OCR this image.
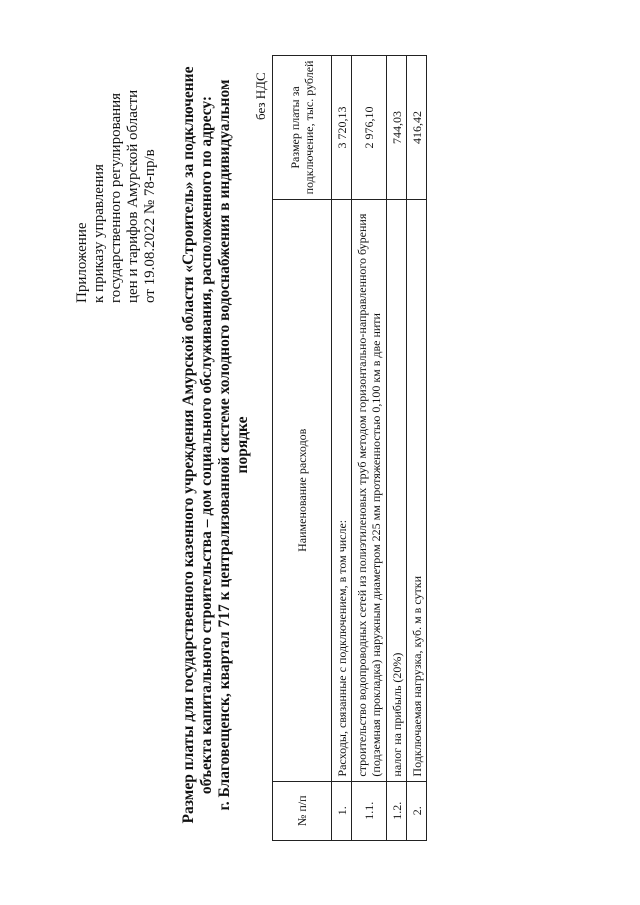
Приложение к приказу управления государственного регулирования цен и тарифов Амурской области от 19.08.2022 № 78-пр/в Размер платы для государственного казенного учреждения Амурской области «Строитель» за подключение объекта капитального строительства – дом социального обслуживания, расположенного по адресу: г. Благовещенск, квартал 717 к централизованной системе холодного водоснабжения в индивидуальном порядке
без НДС
№ п/п	Наименование расходов	Размер платы за подключение, тыс. рублей
1.	Расходы, связанные с подключением, в том числе:	3 720,13
1.1.	строительство водопроводных сетей из полиэтиленовых труб методом горизонтально-направленного бурения (подземная прокладка) наружным диаметром 225 мм протяженностью 0,100 км в две нити	2 976,10
1.2.	налог на прибыль (20%)	744,03
2.	Подключаемая нагрузка, куб. м в сутки	416,42
